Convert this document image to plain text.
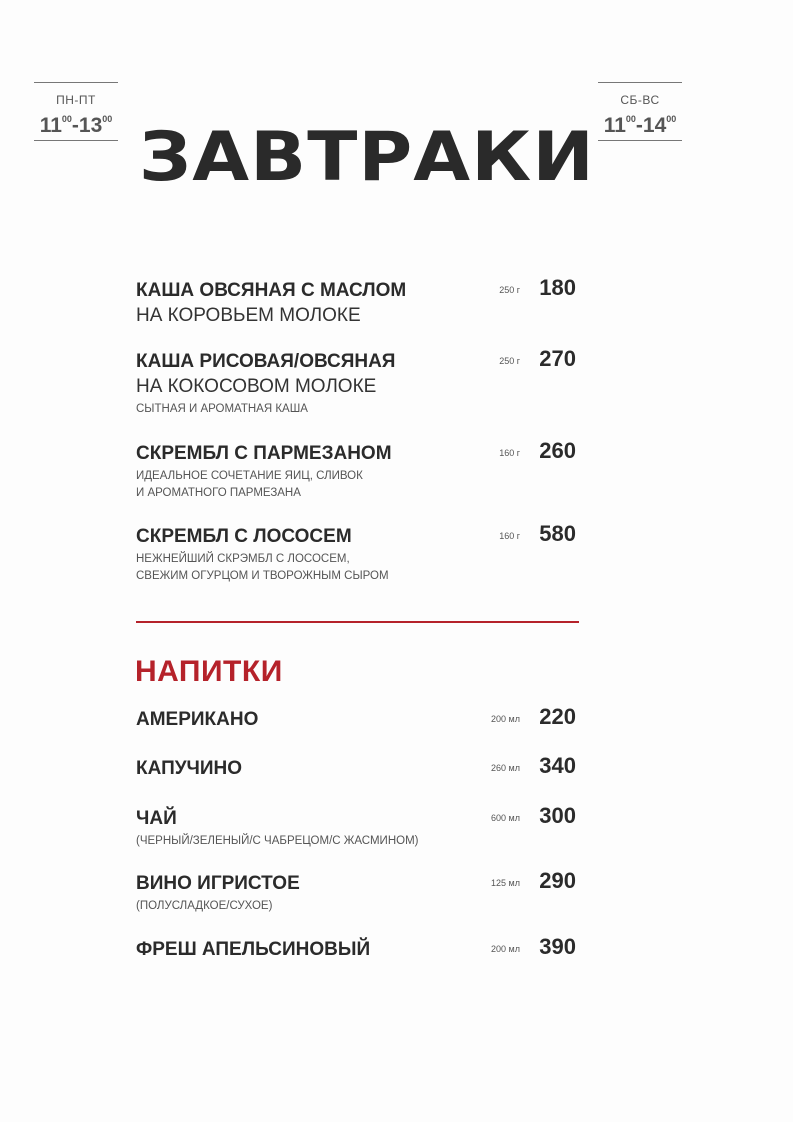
ПН-ПТ
$11^{00}-13^{00}$
СБ-ВС
$11^{00}-14^{00}$
ЗАВТРАКИ
КАША ОВСЯНАЯ С МАСЛОМ
НА КОРОВЬЕМ МОЛОКЕ
250 г 180
КАША РИСОВАЯ/ОВСЯНАЯ
НА КОКОСОВОМ МОЛОКЕ
СЫТНАЯ И АРОМАТНАЯ КАША
250 г 270
СКРЕМБЛ С ПАРМЕЗАНОМ
ИДЕАЛЬНОЕ СОЧЕТАНИЕ ЯИЦ, СЛИВОК
И АРОМАТНОГО ПАРМЕЗАНА
160 г 260
СКРЕМБЛ С ЛОСОСЕМ
НЕЖНЕЙШИЙ СКРЭМБЛ С ЛОСОСЕМ,
СВЕЖИМ ОГУРЦОМ И ТВОРОЖНЫМ СЫРОМ
160 г 580
НАПИТКИ
АМЕРИКАНО	200 мл 220
КАПУЧИНО	260 мл 340
ЧАЙ
(ЧЕРНЫЙ/ЗЕЛЕНЫЙ/С ЧАБРЕЦОМ/С ЖАСМИНОМ)
600 мл 300
ВИНО ИГРИСТОЕ
(ПОЛУСЛАДКОЕ/СУХОЕ)
125 мл 290
ФРЕШ АПЕЛЬСИНОВЫЙ	200 мл 390
